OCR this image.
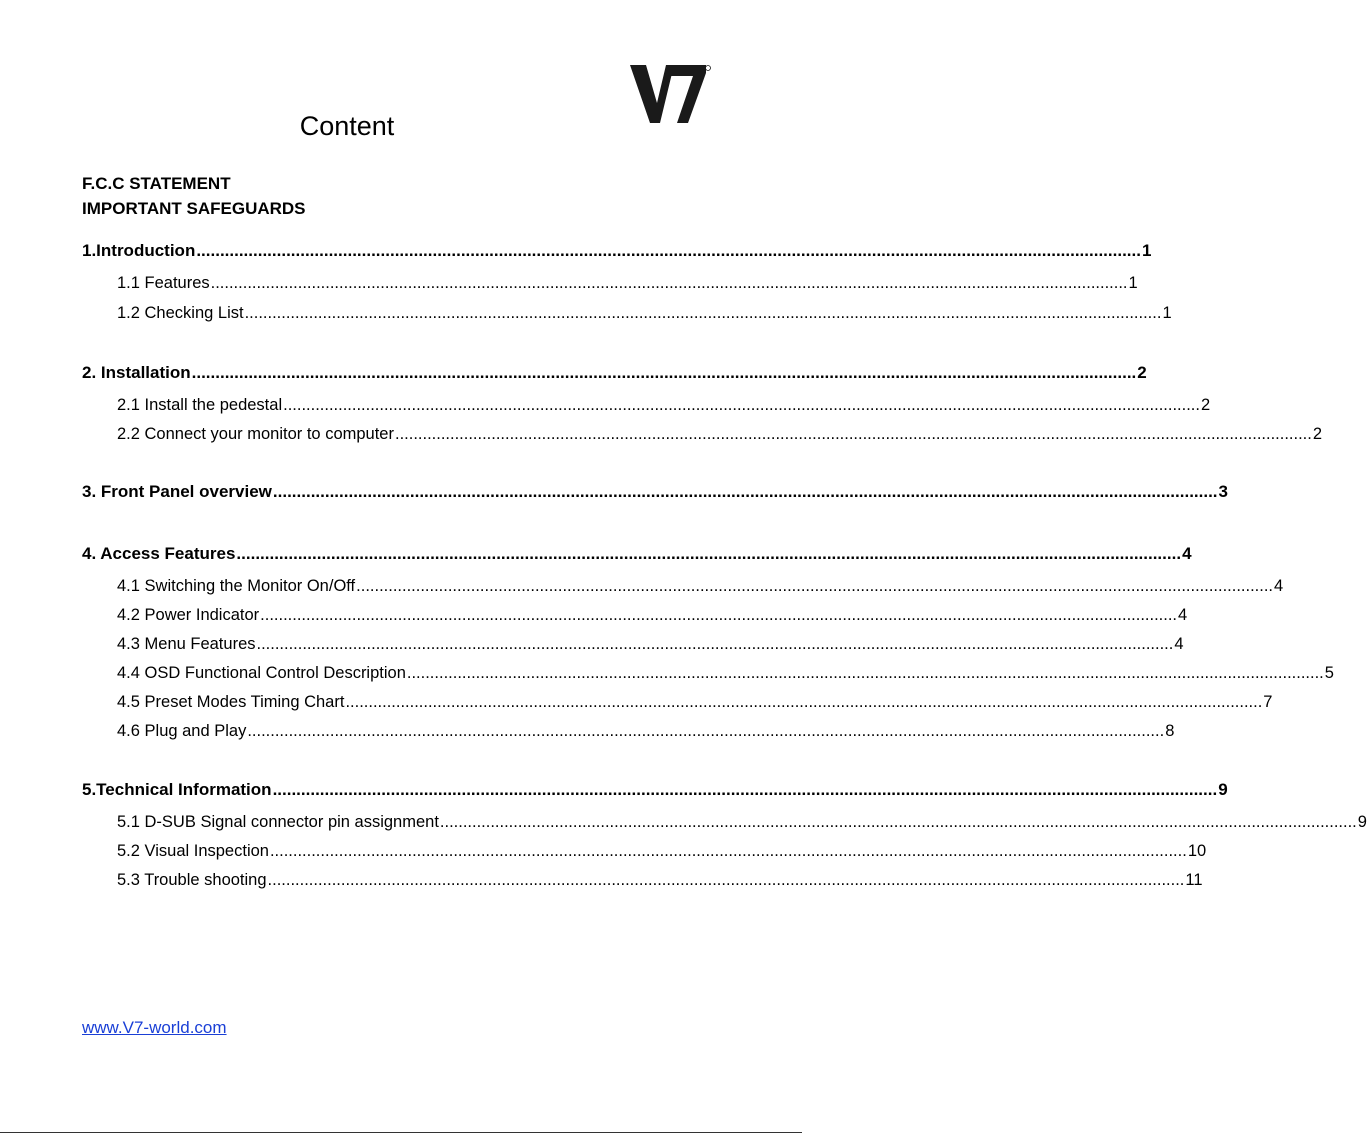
Content
F.C.C STATEMENT
IMPORTANT SAFEGUARDS
1.Introduction ........................................................................................................................................................................................................ 1
1.1 Features ........................................................................................................................................................................................................ 1
1.2 Checking List ........................................................................................................................................................................................................ 1
2. Installation ........................................................................................................................................................................................................ 2
2.1 Install the pedestal ........................................................................................................................................................................................................ 2
2.2 Connect your monitor to computer ........................................................................................................................................................................................................ 2
3. Front Panel overview ........................................................................................................................................................................................................ 3
4. Access Features ........................................................................................................................................................................................................ 4
4.1 Switching the Monitor On/Off ........................................................................................................................................................................................................ 4
4.2 Power Indicator ........................................................................................................................................................................................................ 4
4.3 Menu Features ........................................................................................................................................................................................................ 4
4.4 OSD Functional Control Description ........................................................................................................................................................................................................ 5
4.5 Preset Modes Timing Chart ........................................................................................................................................................................................................ 7
4.6 Plug and Play ........................................................................................................................................................................................................ 8
5.Technical Information ........................................................................................................................................................................................................ 9
5.1 D-SUB Signal connector pin assignment ........................................................................................................................................................................................................ 9
5.2 Visual Inspection ........................................................................................................................................................................................................ 10
5.3 Trouble shooting ........................................................................................................................................................................................................ 11
www.V7-world.com
